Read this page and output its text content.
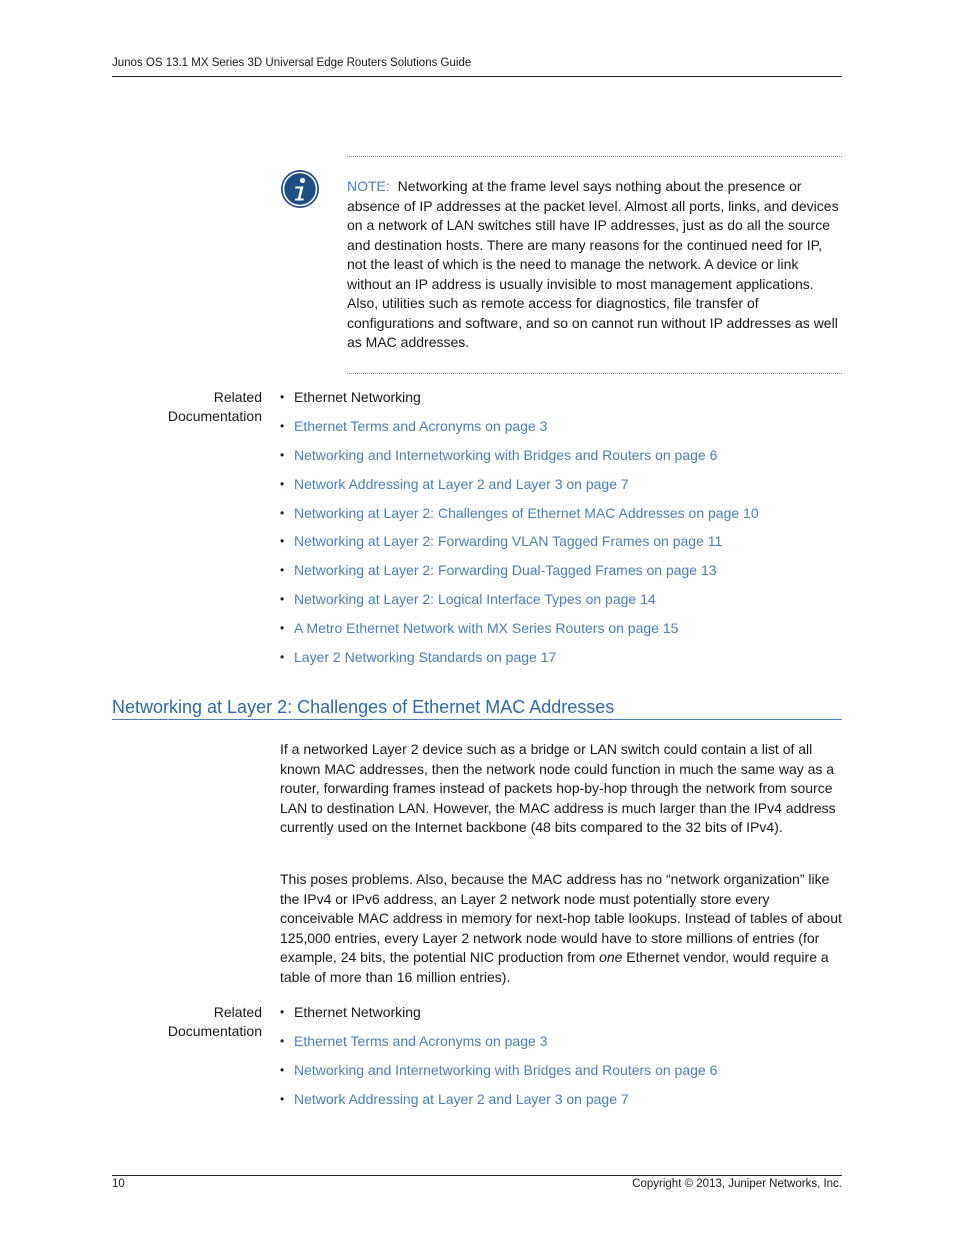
Junos OS 13.1 MX Series 3D Universal Edge Routers Solutions Guide
NOTE: Networking at the frame level says nothing about the presence or absence of IP addresses at the packet level. Almost all ports, links, and devices on a network of LAN switches still have IP addresses, just as do all the source and destination hosts. There are many reasons for the continued need for IP, not the least of which is the need to manage the network. A device or link without an IP address is usually invisible to most management applications. Also, utilities such as remote access for diagnostics, file transfer of configurations and software, and so on cannot run without IP addresses as well as MAC addresses.
Related
Documentation
• Ethernet Networking
• Ethernet Terms and Acronyms on page 3
• Networking and Internetworking with Bridges and Routers on page 6
• Network Addressing at Layer 2 and Layer 3 on page 7
• Networking at Layer 2: Challenges of Ethernet MAC Addresses on page 10
• Networking at Layer 2: Forwarding VLAN Tagged Frames on page 11
• Networking at Layer 2: Forwarding Dual-Tagged Frames on page 13
• Networking at Layer 2: Logical Interface Types on page 14
• A Metro Ethernet Network with MX Series Routers on page 15
• Layer 2 Networking Standards on page 17
Networking at Layer 2: Challenges of Ethernet MAC Addresses

If a networked Layer 2 device such as a bridge or LAN switch could contain a list of all known MAC addresses, then the network node could function in much the same way as a router, forwarding frames instead of packets hop-by-hop through the network from source LAN to destination LAN. However, the MAC address is much larger than the IPv4 address currently used on the Internet backbone (48 bits compared to the 32 bits of IPv4).

This poses problems. Also, because the MAC address has no “network organization” like the IPv4 or IPv6 address, an Layer 2 network node must potentially store every conceivable MAC address in memory for next-hop table lookups. Instead of tables of about 125,000 entries, every Layer 2 network node would have to store millions of entries (for example, 24 bits, the potential NIC production from one Ethernet vendor, would require a table of more than 16 million entries).

Related
Documentation
• Ethernet Networking
• Ethernet Terms and Acronyms on page 3
• Networking and Internetworking with Bridges and Routers on page 6
• Network Addressing at Layer 2 and Layer 3 on page 7
10	Copyright © 2013, Juniper Networks, Inc.
